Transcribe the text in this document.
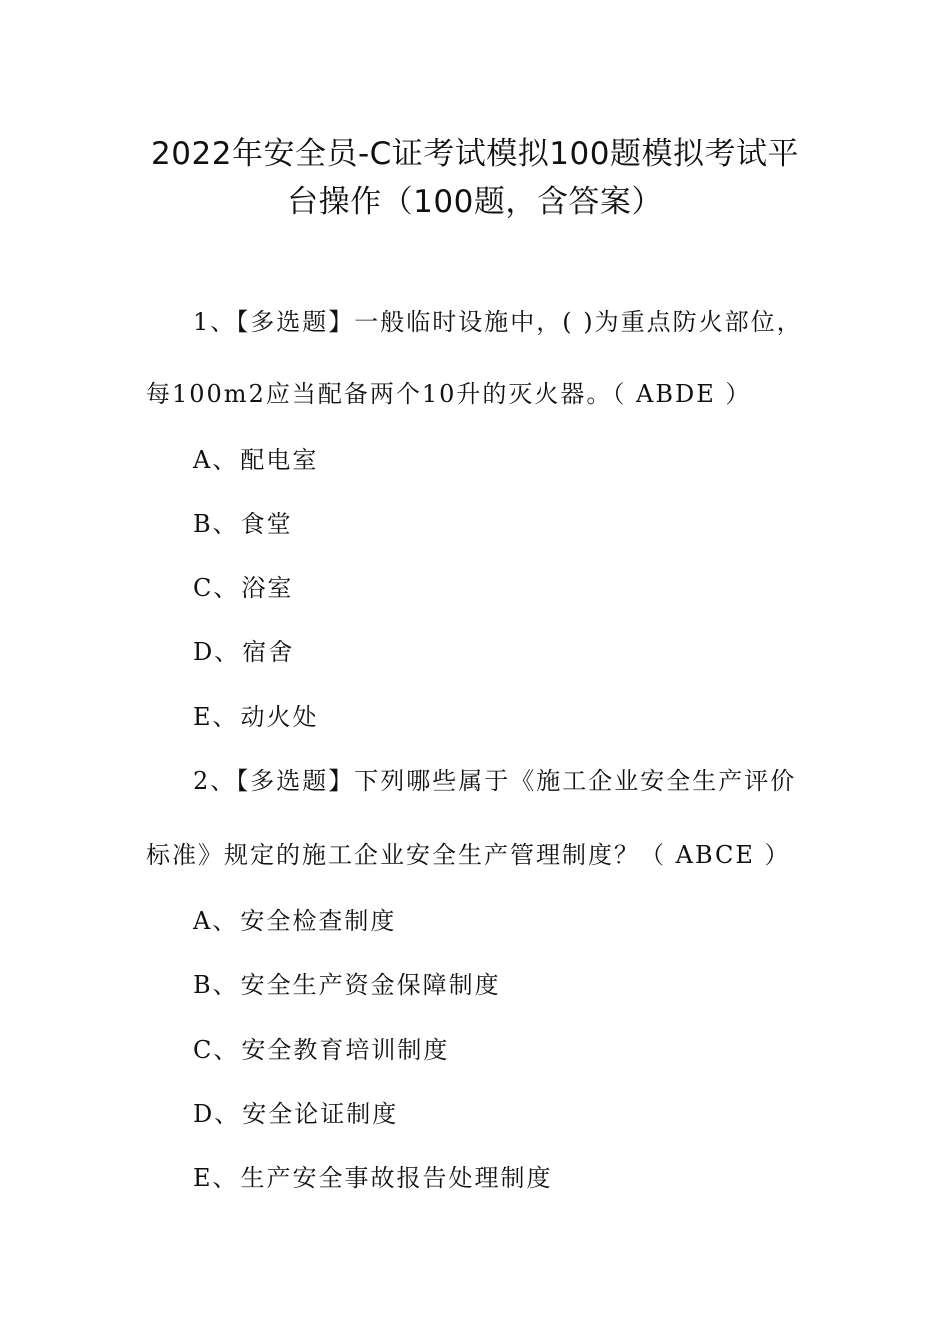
2022年安全员-C证考试模拟100题模拟考试平
台操作（100题，含答案）
1、【多选题】一般临时设施中，( )为重点防火部位，
每100m2应当配备两个10升的灭火器。（ ABDE ）
A、配电室
B、食堂
C、浴室
D、宿舍
E、动火处
2、【多选题】下列哪些属于《施工企业安全生产评价
标准》规定的施工企业安全生产管理制度？（ ABCE ）
A、安全检查制度
B、安全生产资金保障制度
C、安全教育培训制度
D、安全论证制度
E、生产安全事故报告处理制度
